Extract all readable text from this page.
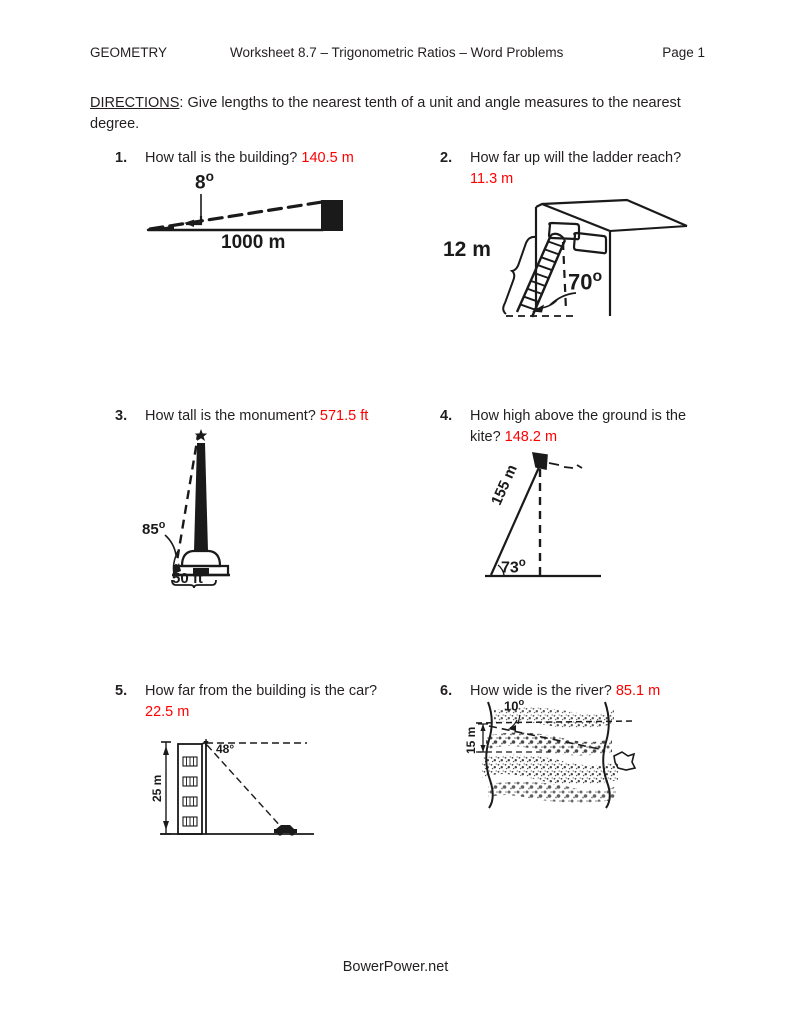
GEOMETRY	Worksheet 8.7 – Trigonometric Ratios – Word Problems	Page 1
DIRECTIONS: Give lengths to the nearest tenth of a unit and angle measures to the nearest degree.
1.	How tall is the building? 140.5 m
8$^o$
1000 m
2.	How far up will the ladder reach?
11.3 m
12 m
70$^o$
3.	How tall is the monument? 571.5 ft
85$^o$
50 ft
4.	How high above the ground is the kite? 148.2 m
155 m
73$^o$
5.	How far from the building is the car?
22.5 m
25 m
48°
6.	How wide is the river? 85.1 m
10$^o$
15 m
BowerPower.net
